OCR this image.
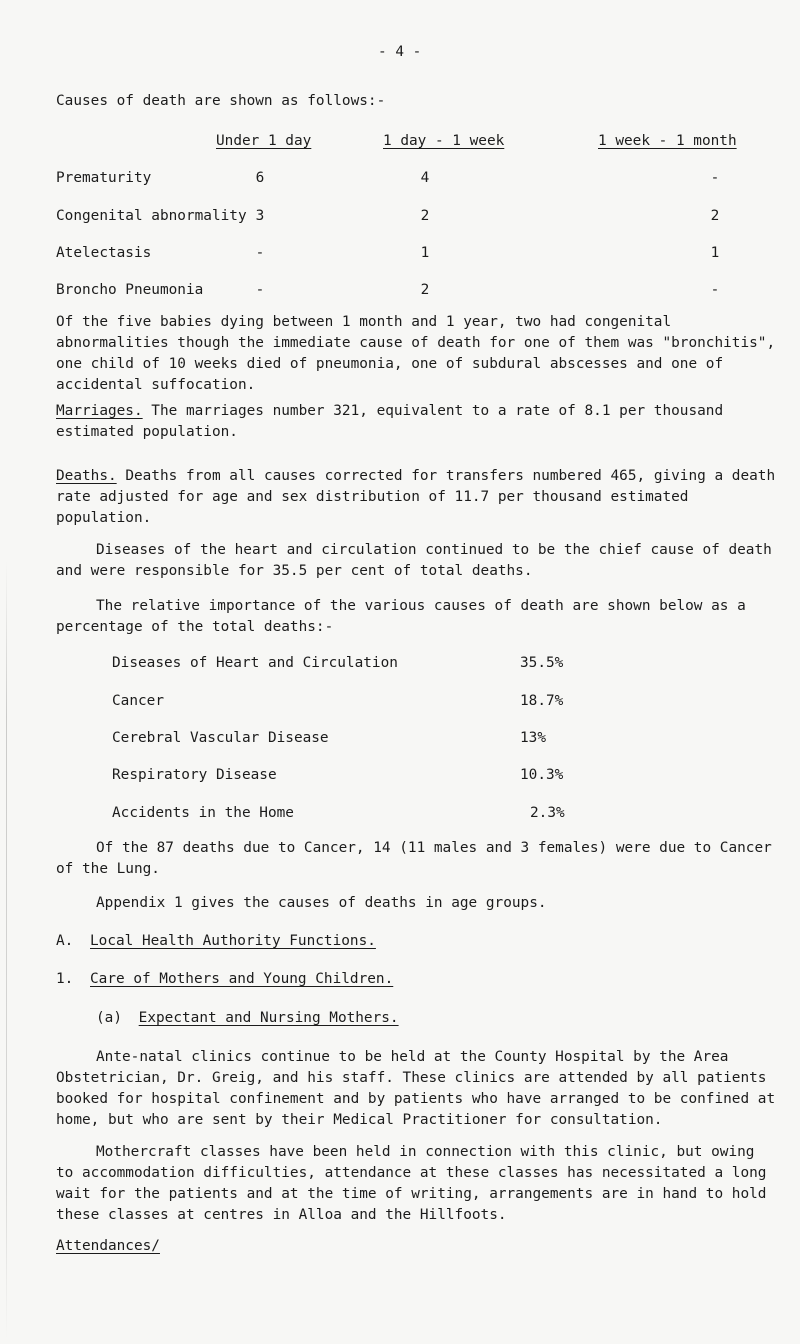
- 4 -
Causes of death are shown as follows:-
Under 1 day	1 day - 1 week	1 week - 1 month
Prematurity	6	4	-
Congenital abnormality 3	2	2
Atelectasis	-	1	1
Broncho Pneumonia	-	2	-
Of the five babies dying between 1 month and 1 year, two had congenital abnormalities though the immediate cause of death for one of them was "bronchitis", one child of 10 weeks died of pneumonia, one of subdural abscesses and one of accidental suffocation.
Marriages. The marriages number 321, equivalent to a rate of 8.1 per thousand estimated population.
Deaths. Deaths from all causes corrected for transfers numbered 465, giving a death rate adjusted for age and sex distribution of 11.7 per thousand estimated population.
Diseases of the heart and circulation continued to be the chief cause of death and were responsible for 35.5 per cent of total deaths.
The relative importance of the various causes of death are shown below as a percentage of the total deaths:-
Diseases of Heart and Circulation	35.5%
Cancer	18.7%
Cerebral Vascular Disease	13%
Respiratory Disease	10.3%
Accidents in the Home	2.3%
Of the 87 deaths due to Cancer, 14 (11 males and 3 females) were due to Cancer of the Lung.
Appendix 1 gives the causes of deaths in age groups.
A. Local Health Authority Functions.
1. Care of Mothers and Young Children.
(a) Expectant and Nursing Mothers.
Ante-natal clinics continue to be held at the County Hospital by the Area Obstetrician, Dr. Greig, and his staff. These clinics are attended by all patients booked for hospital confinement and by patients who have arranged to be confined at home, but who are sent by their Medical Practitioner for consultation.
Mothercraft classes have been held in connection with this clinic, but owing to accommodation difficulties, attendance at these classes has necessitated a long wait for the patients and at the time of writing, arrangements are in hand to hold these classes at centres in Alloa and the Hillfoots.
Attendances/
